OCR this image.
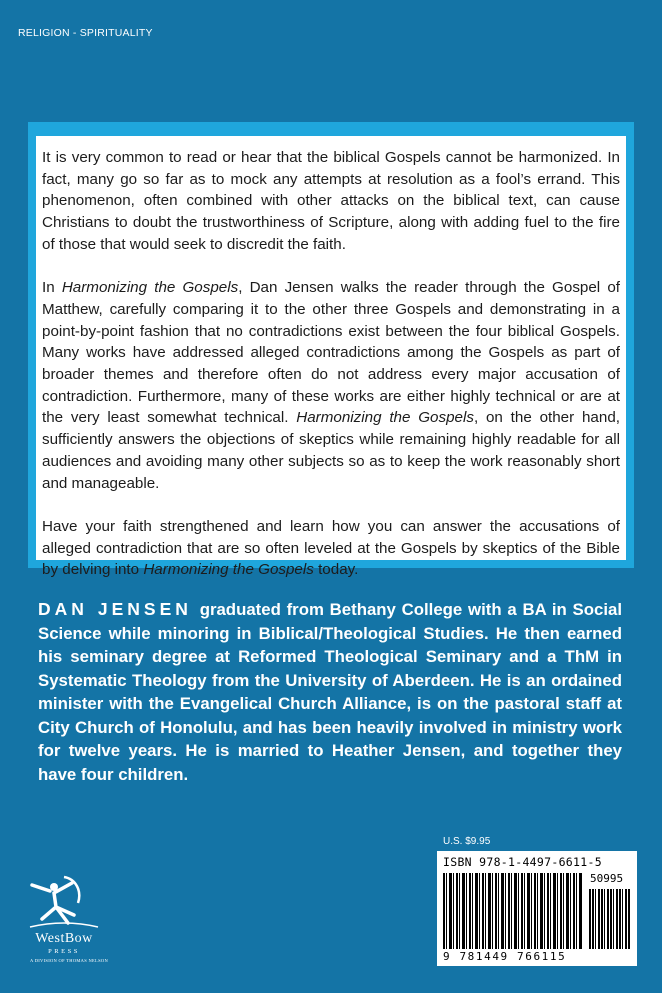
RELIGION - SPIRITUALITY

It is very common to read or hear that the biblical Gospels cannot be harmonized. In fact, many go so far as to mock any attempts at resolution as a fool’s errand. This phenomenon, often combined with other attacks on the biblical text, can cause Christians to doubt the trustworthiness of Scripture, along with adding fuel to the fire of those that would seek to discredit the faith.

In Harmonizing the Gospels, Dan Jensen walks the reader through the Gospel of Matthew, carefully comparing it to the other three Gospels and demonstrating in a point-by-point fashion that no contradictions exist between the four biblical Gospels. Many works have addressed alleged contradictions among the Gospels as part of broader themes and therefore often do not address every major accusation of contradiction. Furthermore, many of these works are either highly technical or are at the very least somewhat technical. Harmonizing the Gospels, on the other hand, sufficiently answers the objections of skeptics while remaining highly readable for all audiences and avoiding many other subjects so as to keep the work reasonably short and manageable.

Have your faith strengthened and learn how you can answer the accusations of alleged contradiction that are so often leveled at the Gospels by skeptics of the Bible by delving into Harmonizing the Gospels today.

DAN JENSEN graduated from Bethany College with a BA in Social Science while minoring in Biblical/Theological Studies. He then earned his seminary degree at Reformed Theological Seminary and a ThM in Systematic Theology from the University of Aberdeen. He is an ordained minister with the Evangelical Church Alliance, is on the pastoral staff at City Church of Honolulu, and has been heavily involved in ministry work for twelve years. He is married to Heather Jensen, and together they have four children.
WestBow
PRESS
A DIVISION OF THOMAS NELSON
U.S. $9.95
ISBN 978-1-4497-6611-5
50995
9 781449 766115
